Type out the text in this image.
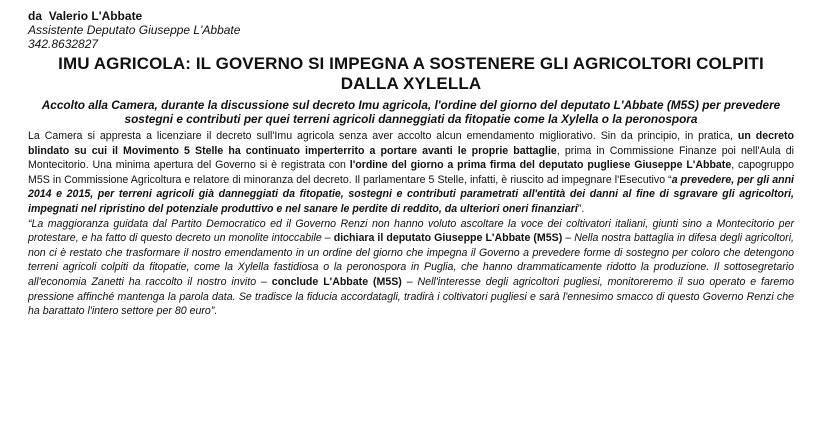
da Valerio L'Abbate
Assistente Deputato Giuseppe L'Abbate
342.8632827
IMU AGRICOLA: IL GOVERNO SI IMPEGNA A SOSTENERE GLI AGRICOLTORI COLPITI
DALLA XYLELLA
Accolto alla Camera, durante la discussione sul decreto Imu agricola, l'ordine del giorno del deputato L'Abbate (M5S) per prevedere sostegni e contributi per quei terreni agricoli danneggiati da fitopatie come la Xylella o la peronospora

La Camera si appresta a licenziare il decreto sull'Imu agricola senza aver accolto alcun emendamento migliorativo. Sin da principio, in pratica, un decreto blindato su cui il Movimento 5 Stelle ha continuato imperterrito a portare avanti le proprie battaglie, prima in Commissione Finanze poi nell'Aula di Montecitorio. Una minima apertura del Governo si è registrata con l'ordine del giorno a prima firma del deputato pugliese Giuseppe L'Abbate, capogruppo M5S in Commissione Agricoltura e relatore di minoranza del decreto. Il parlamentare 5 Stelle, infatti, è riuscito ad impegnare l'Esecutivo “a prevedere, per gli anni 2014 e 2015, per terreni agricoli già danneggiati da fitopatie, sostegni e contributi parametrati all'entità dei danni al fine di sgravare gli agricoltori, impegnati nel ripristino del potenziale produttivo e nel sanare le perdite di reddito, da ulteriori oneri finanziari”.

“La maggioranza guidata dal Partito Democratico ed il Governo Renzi non hanno voluto ascoltare la voce dei coltivatori italiani, giunti sino a Montecitorio per protestare, e ha fatto di questo decreto un monolite intoccabile – dichiara il deputato Giuseppe L'Abbate (M5S) – Nella nostra battaglia in difesa degli agricoltori, non ci è restato che trasformare il nostro emendamento in un ordine del giorno che impegna il Governo a prevedere forme di sostegno per coloro che detengono terreni agricoli colpiti da fitopatie, come la Xylella fastidiosa o la peronospora in Puglia, che hanno drammaticamente ridotto la produzione. Il sottosegretario all'economia Zanetti ha raccolto il nostro invito – conclude L'Abbate (M5S) – Nell'interesse degli agricoltori pugliesi, monitoreremo il suo operato e faremo pressione affinché mantenga la parola data. Se tradisce la fiducia accordatagli, tradirà i coltivatori pugliesi e sarà l'ennesimo smacco di questo Governo Renzi che ha barattato l'intero settore per 80 euro”.
